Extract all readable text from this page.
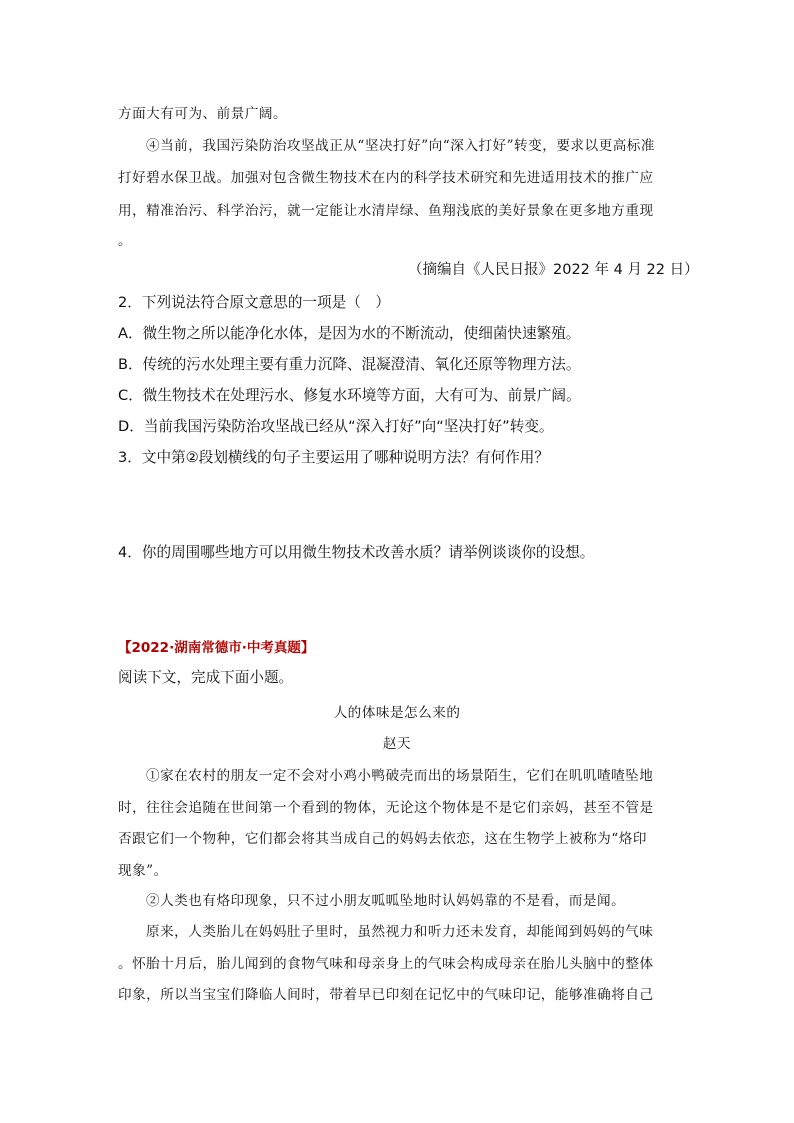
方面大有可为、前景广阔。
④当前，我国污染防治攻坚战正从“坚决打好”向“深入打好”转变，要求以更高标准
打好碧水保卫战。加强对包含微生物技术在内的科学技术研究和先进适用技术的推广应
用，精准治污、科学治污，就一定能让水清岸绿、鱼翔浅底的美好景象在更多地方重现
。
（摘编自《人民日报》2022 年 4 月 22 日）
2．下列说法符合原文意思的一项是（　）
A．微生物之所以能净化水体，是因为水的不断流动，使细菌快速繁殖。
B．传统的污水处理主要有重力沉降、混凝澄清、氧化还原等物理方法。
C．微生物技术在处理污水、修复水环境等方面，大有可为、前景广阔。
D．当前我国污染防治攻坚战已经从“深入打好”向“坚决打好”转变。
3．文中第②段划横线的句子主要运用了哪种说明方法？有何作用？
4．你的周围哪些地方可以用微生物技术改善水质？请举例谈谈你的设想。
【2022·湖南常德市·中考真题】
阅读下文，完成下面小题。
人的体味是怎么来的
赵天
①家在农村的朋友一定不会对小鸡小鸭破壳而出的场景陌生，它们在叽叽喳喳坠地
时，往往会追随在世间第一个看到的物体，无论这个物体是不是它们亲妈，甚至不管是
否跟它们一个物种，它们都会将其当成自己的妈妈去依恋，这在生物学上被称为“烙印
现象”。
②人类也有烙印现象，只不过小朋友呱呱坠地时认妈妈靠的不是看，而是闻。
原来，人类胎儿在妈妈肚子里时，虽然视力和听力还未发育，却能闻到妈妈的气味
。怀胎十月后，胎儿闻到的食物气味和母亲身上的气味会构成母亲在胎儿头脑中的整体
印象，所以当宝宝们降临人间时，带着早已印刻在记忆中的气味印记，能够准确将自己
